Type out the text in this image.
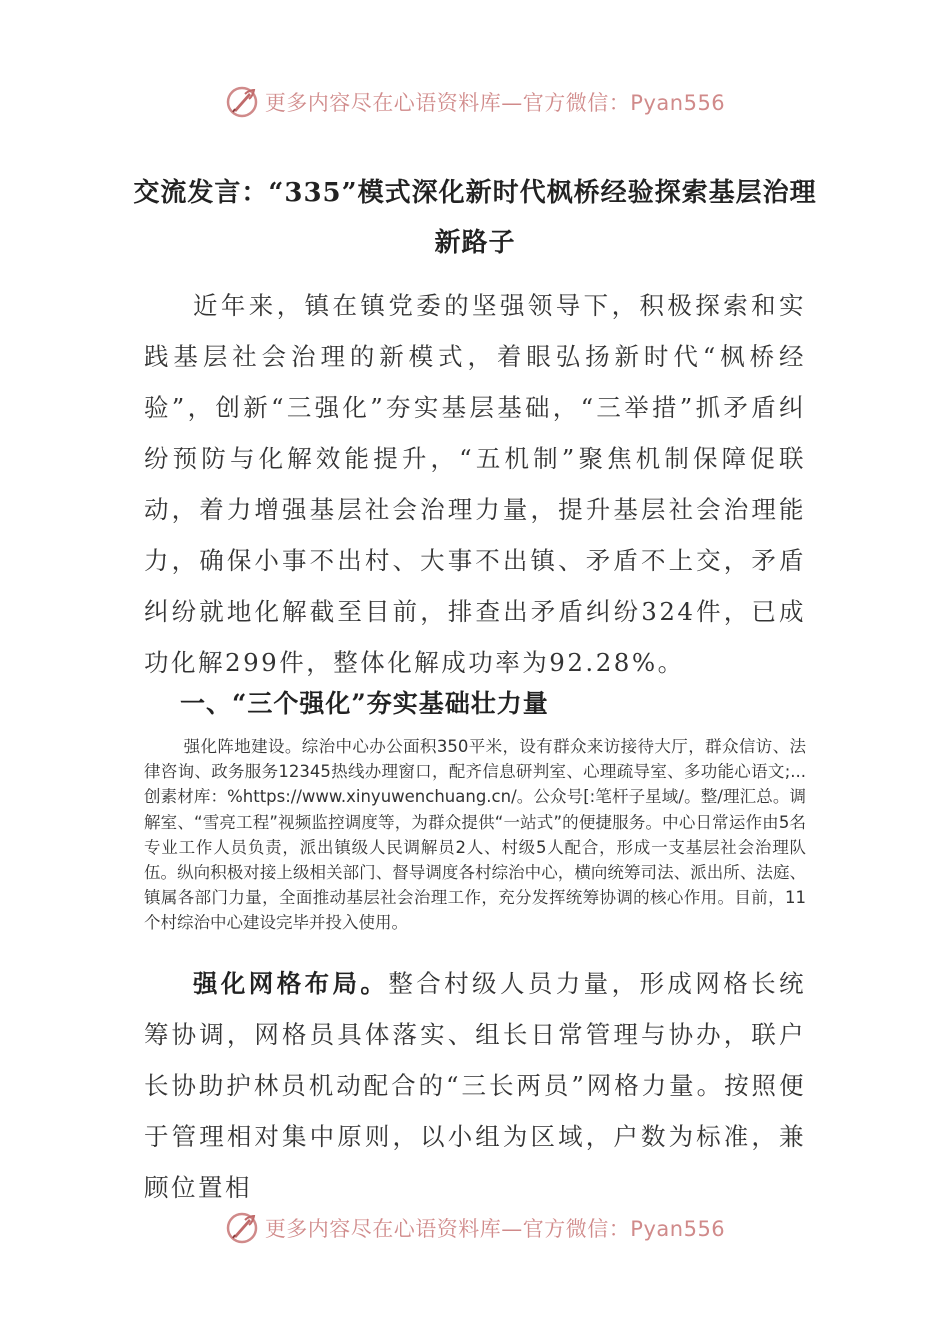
更多内容尽在心语资料库—官方微信：Pyan556
交流发言：“335”模式深化新时代枫桥经验探索基层治理
新路子
近年来，镇在镇党委的坚强领导下，积极探索和实践基层社会治理的新模式，着眼弘扬新时代“枫桥经验”，创新“三强化”夯实基层基础，“三举措”抓矛盾纠纷预防与化解效能提升，“五机制”聚焦机制保障促联动，着力增强基层社会治理力量，提升基层社会治理能力，确保小事不出村、大事不出镇、矛盾不上交，矛盾纠纷就地化解截至目前，排查出矛盾纠纷324件，已成功化解299件，整体化解成功率为92.28%。
一、“三个强化”夯实基础壮力量
强化阵地建设。综治中心办公面积350平米，设有群众来访接待大厅，群众信访、法律咨询、政务服务12345热线办理窗口，配齐信息研判室、心理疏导室、多功能心语文;...创素材库：%https://www.xinyuwenchuang.cn/。公众号[:笔杆子星域/。整/理汇总。调解室、“雪亮工程”视频监控调度等，为群众提供“一站式”的便捷服务。中心日常运作由5名专业工作人员负责，派出镇级人民调解员2人、村级5人配合，形成一支基层社会治理队伍。纵向积极对接上级相关部门、督导调度各村综治中心，横向统筹司法、派出所、法庭、镇属各部门力量，全面推动基层社会治理工作，充分发挥统筹协调的核心作用。目前，11个村综治中心建设完毕并投入使用。
强化网格布局。整合村级人员力量，形成网格长统筹协调，网格员具体落实、组长日常管理与协办，联户长协助护林员机动配合的“三长两员”网格力量。按照便于管理相对集中原则，以小组为区域，户数为标准，兼顾位置相
更多内容尽在心语资料库—官方微信：Pyan556
